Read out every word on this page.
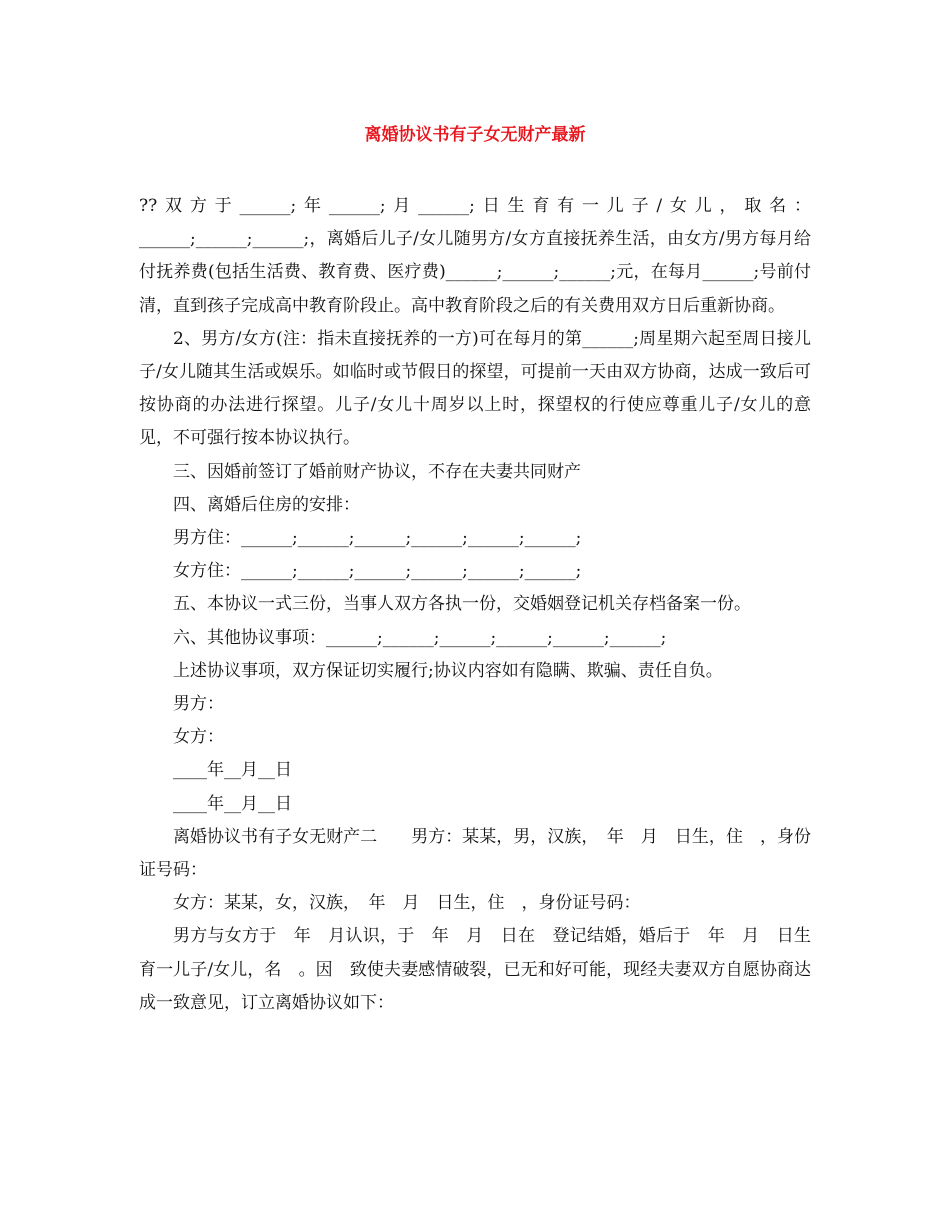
离婚协议书有子女无财产最新

??双方于______;年______;月______;日生育有一儿子/女儿，取名：______;______;______;，离婚后儿子/女儿随男方/女方直接抚养生活，由女方/男方每月给付抚养费(包括生活费、教育费、医疗费)______;______;______;元，在每月______;号前付清，直到孩子完成高中教育阶段止。高中教育阶段之后的有关费用双方日后重新协商。

2、男方/女方(注：指未直接抚养的一方)可在每月的第______;周星期六起至周日接儿子/女儿随其生活或娱乐。如临时或节假日的探望，可提前一天由双方协商，达成一致后可按协商的办法进行探望。儿子/女儿十周岁以上时，探望权的行使应尊重儿子/女儿的意见，不可强行按本协议执行。

三、因婚前签订了婚前财产协议，不存在夫妻共同财产

四、离婚后住房的安排：

男方住：______;______;______;______;______;______;

女方住：______;______;______;______;______;______;

五、本协议一式三份，当事人双方各执一份，交婚姻登记机关存档备案一份。

六、其他协议事项：______;______;______;______;______;______;

上述协议事项，双方保证切实履行;协议内容如有隐瞒、欺骗、责任自负。

男方：

女方：

____年__月__日

____年__月__日

离婚协议书有子女无财产二　　男方：某某，男，汉族，　年　月　日生，住　，身份证号码：

女方：某某，女，汉族，　年　月　日生，住　，身份证号码：

男方与女方于　年　月认识，于　年　月　日在　登记结婚，婚后于　年　月　日生育一儿子/女儿，名　。因　致使夫妻感情破裂，已无和好可能，现经夫妻双方自愿协商达成一致意见，订立离婚协议如下：
